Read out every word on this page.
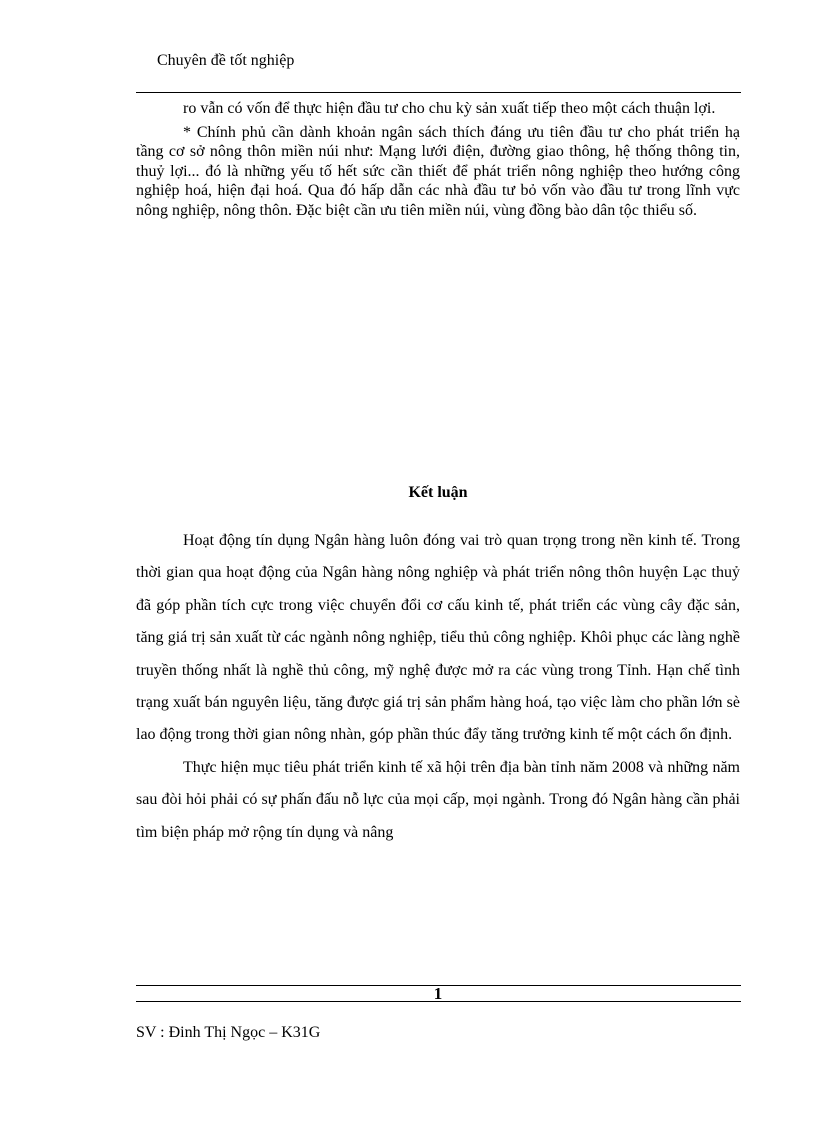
Chuyên đề tốt nghiệp

ro vẫn có vốn để thực hiện đầu tư cho chu kỳ sản xuất tiếp theo một cách thuận lợi.

* Chính phủ cần dành khoản ngân sách thích đáng ưu tiên đầu tư cho phát triển hạ tầng cơ sở nông thôn miền núi như: Mạng lưới điện, đường giao thông, hệ thống thông tin, thuỷ lợi... đó là những yếu tố hết sức cần thiết để phát triển nông nghiệp theo hướng công nghiệp hoá, hiện đại hoá. Qua đó hấp dẫn các nhà đầu tư bỏ vốn vào đầu tư trong lĩnh vực nông nghiệp, nông thôn. Đặc biệt cần ưu tiên miền núi, vùng đồng bào dân tộc thiểu số.

Kết luận

Hoạt động tín dụng Ngân hàng luôn đóng vai trò quan trọng trong nền kinh tế. Trong thời gian qua hoạt động của Ngân hàng nông nghiệp và phát triển nông thôn huyện Lạc thuỷ đã góp phần tích cực trong việc chuyển đổi cơ cấu kinh tế, phát triển các vùng cây đặc sản, tăng giá trị sản xuất từ các ngành nông nghiệp, tiểu thủ công nghiệp. Khôi phục các làng nghề truyền thống nhất là nghề thủ công, mỹ nghệ được mở ra các vùng trong Tỉnh. Hạn chế tình trạng xuất bán nguyên liệu, tăng được giá trị sản phẩm hàng hoá, tạo việc làm cho phần lớn sè lao động trong thời gian nông nhàn, góp phần thúc đẩy tăng trưởng kinh tế một cách ổn định.

Thực hiện mục tiêu phát triển kinh tế xã hội trên địa bàn tỉnh năm 2008 và những năm sau đòi hỏi phải có sự phấn đấu nỗ lực của mọi cấp, mọi ngành. Trong đó Ngân hàng cần phải tìm biện pháp mở rộng tín dụng và nâng

1
SV : Đinh Thị Ngọc – K31G
